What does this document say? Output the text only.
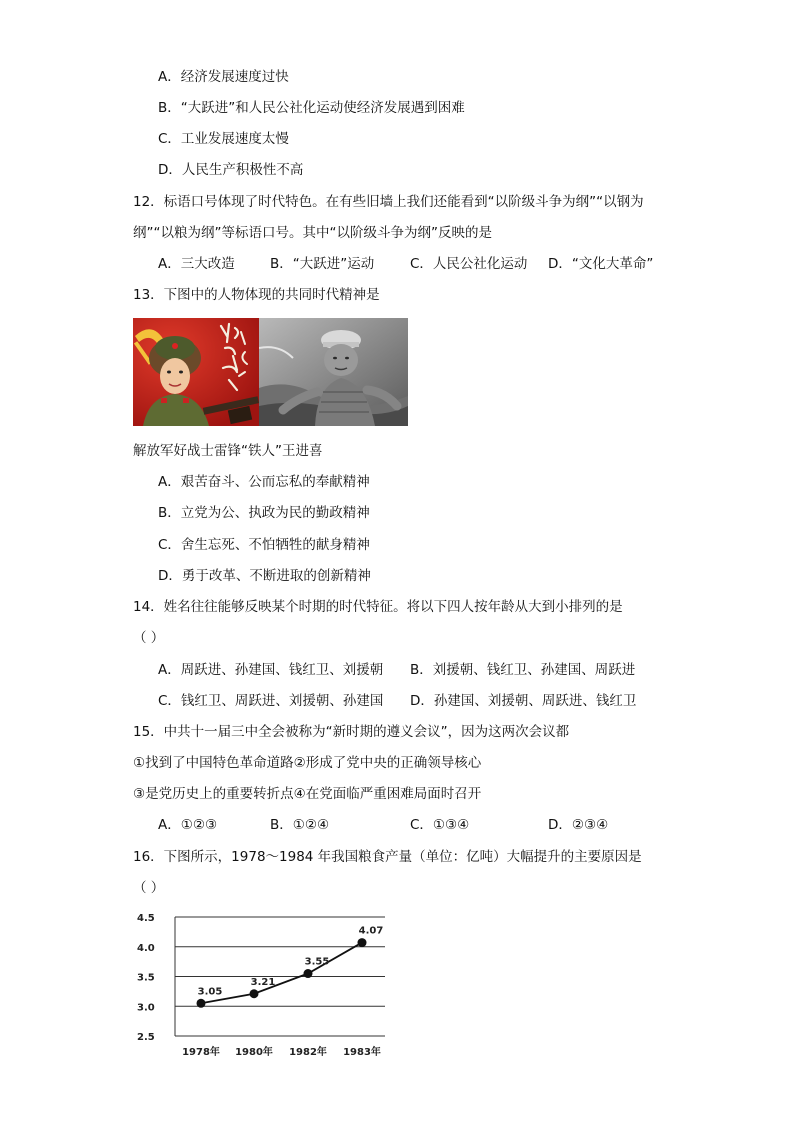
A．经济发展速度过快
B．“大跃进”和人民公社化运动使经济发展遇到困难
C．工业发展速度太慢
D．人民生产积极性不高
12．标语口号体现了时代特色。在有些旧墙上我们还能看到“以阶级斗争为纲”“以钢为
纲”“以粮为纲”等标语口号。其中“以阶级斗争为纲”反映的是
A．三大改造	B．“大跃进”运动	C．人民公社化运动 D．“文化大革命”
13．下图中的人物体现的共同时代精神是
解放军好战士雷锋“铁人”王进喜
A．艰苦奋斗、公而忘私的奉献精神
B．立党为公、执政为民的勤政精神
C．舍生忘死、不怕牺牲的献身精神
D．勇于改革、不断进取的创新精神
14．姓名往往能够反映某个时期的时代特征。将以下四人按年龄从大到小排列的是
（ ）
A．周跃进、孙建国、钱红卫、刘援朝 B．刘援朝、钱红卫、孙建国、周跃进
C．钱红卫、周跃进、刘援朝、孙建国 D．孙建国、刘援朝、周跃进、钱红卫
15．中共十一届三中全会被称为“新时期的遵义会议”，因为这两次会议都
①找到了中国特色革命道路②形成了党中央的正确领导核心
③是党历史上的重要转折点④在党面临严重困难局面时召开
A．①②③	B．①②④	C．①③④	D．②③④
16．下图所示，1978～1984 年我国粮食产量（单位：亿吨）大幅提升的主要原因是
（ ）
4.5
4.0
3.5
3.0
2.5
1978年 1980年 1982年 1983年
3.05
3.21
3.55
4.07
